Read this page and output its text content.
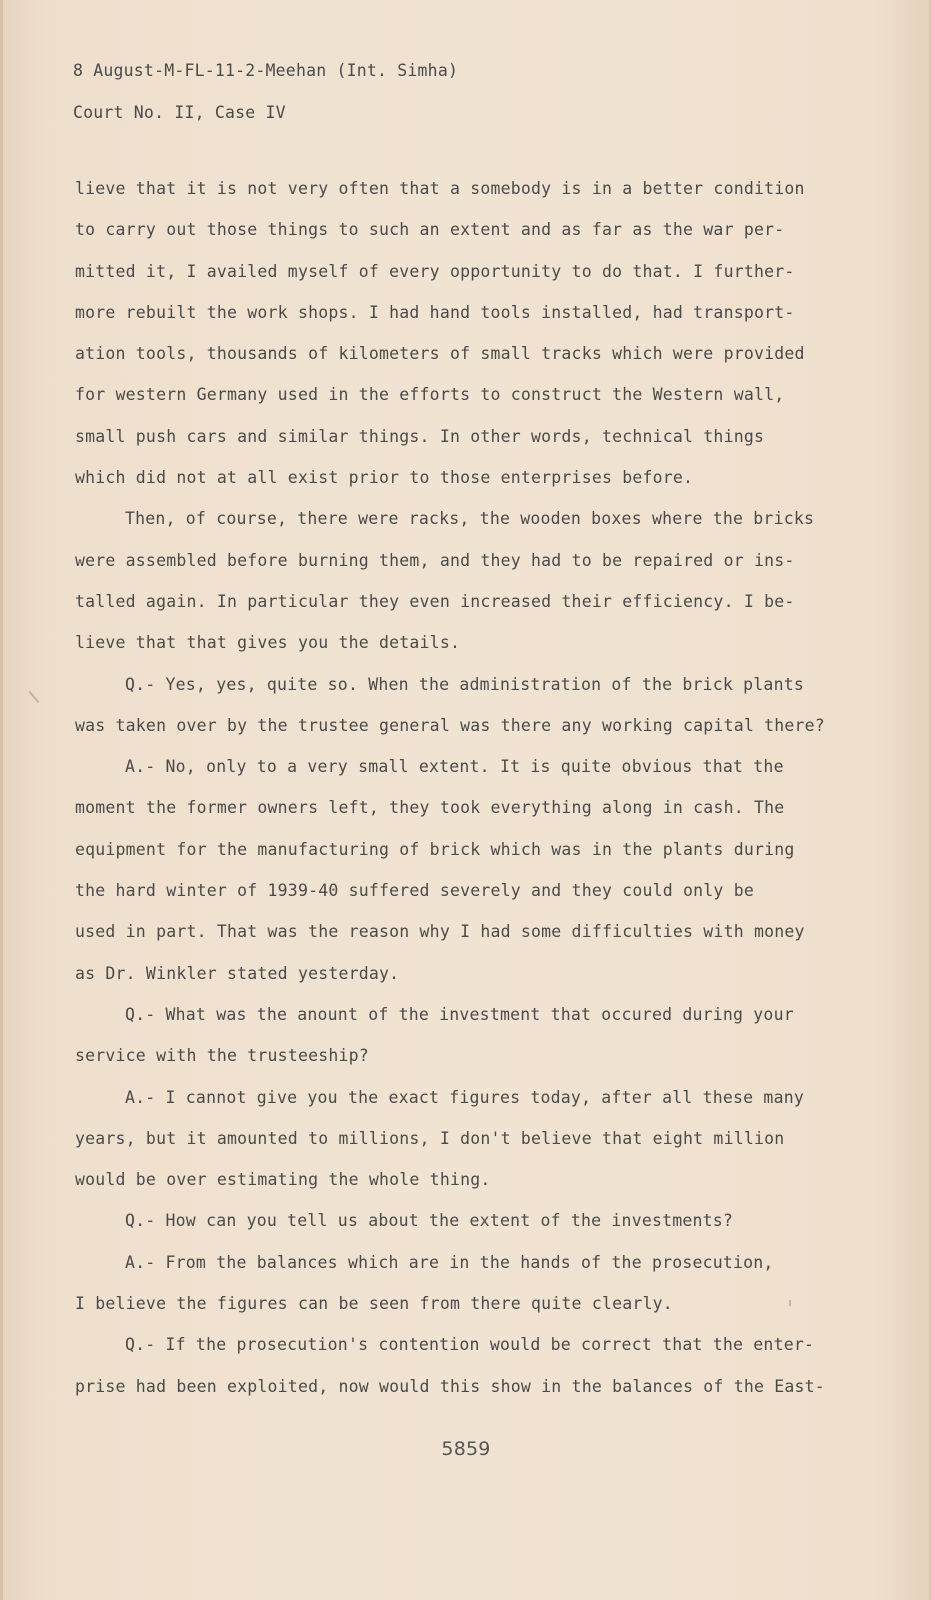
8 August-M-FL-11-2-Meehan (Int. Simha)
Court No. II, Case IV
lieve that it is not very often that a somebody is in a better condition
to carry out those things to such an extent and as far as the war per-
mitted it, I availed myself of every opportunity to do that. I further-
more rebuilt the work shops. I had hand tools installed, had transport-
ation tools, thousands of kilometers of small tracks which were provided
for western Germany used in the efforts to construct the Western wall,
small push cars and similar things. In other words, technical things
which did not at all exist prior to those enterprises before.
Then, of course, there were racks, the wooden boxes where the bricks
were assembled before burning them, and they had to be repaired or ins-
talled again. In particular they even increased their efficiency. I be-
lieve that that gives you the details.
Q.- Yes, yes, quite so. When the administration of the brick plants
was taken over by the trustee general was there any working capital there?
A.- No, only to a very small extent. It is quite obvious that the
moment the former owners left, they took everything along in cash. The
equipment for the manufacturing of brick which was in the plants during
the hard winter of 1939-40 suffered severely and they could only be
used in part. That was the reason why I had some difficulties with money
as Dr. Winkler stated yesterday.
Q.- What was the anount of the investment that occured during your
service with the trusteeship?
A.- I cannot give you the exact figures today, after all these many
years, but it amounted to millions, I don't believe that eight million
would be over estimating the whole thing.
Q.- How can you tell us about the extent of the investments?
A.- From the balances which are in the hands of the prosecution,
I believe the figures can be seen from there quite clearly.
Q.- If the prosecution's contention would be correct that the enter-
prise had been exploited, now would this show in the balances of the East-
5859
